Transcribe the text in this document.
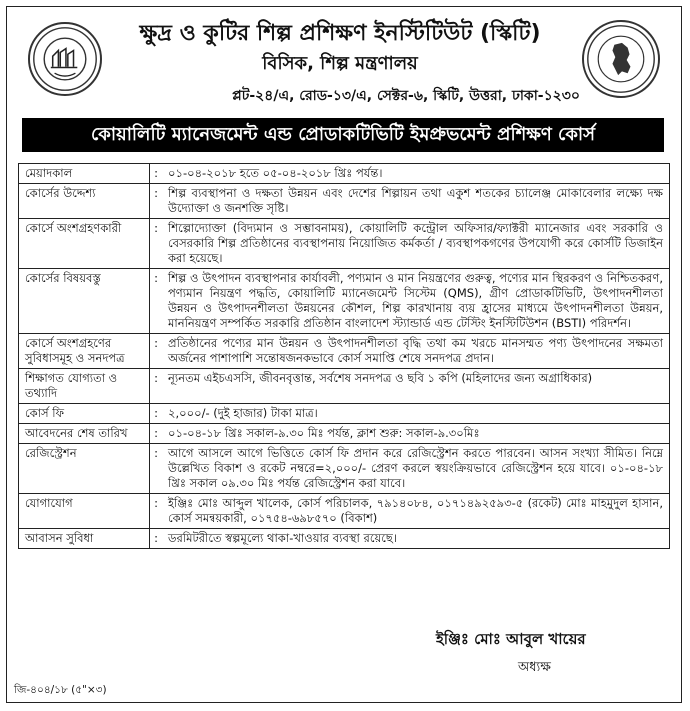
ক্ষুদ্র ও কুটির শিল্প প্রশিক্ষণ ইনস্টিটিউট (স্কিটি)
বিসিক, শিল্প মন্ত্রণালয়
প্লট-২৪/এ, রোড-১৩/এ, সেক্টর-৬, স্কিটি, উত্তরা, ঢাকা-১২৩০
কোয়ালিটি ম্যানেজমেন্ট এন্ড প্রোডাকটিভিটি ইমপ্রুভমেন্ট প্রশিক্ষণ কোর্স
মেয়াদকাল	:	০১-০৪-২০১৮ হতে ০৫-০৪-২০১৮ খ্রিঃ পর্যন্ত।
কোর্সের উদ্দেশ্য	:	শিল্প ব্যবস্থাপনা ও দক্ষতা উন্নয়ন এবং দেশের শিল্পায়ন তথা একুশ শতকের চ্যালেঞ্জ মোকাবেলার লক্ষ্যে দক্ষ উদ্যোক্তা ও জনশক্তি সৃষ্টি।
কোর্সে অংশগ্রহণকারী	:	শিল্পোদ্যোক্তা (বিদ্যমান ও সম্ভাবনাময়), কোয়ালিটি কন্ট্রোল অফিসার/ফ্যাক্টরী ম্যানেজার এবং সরকারি ও বেসরকারি শিল্প প্রতিষ্ঠানের ব্যবস্থাপনায় নিয়োজিত কর্মকর্তা / ব্যবস্থাপকগণের উপযোগী করে কোর্সটি ডিজাইন করা হয়েছে।
কোর্সের বিষয়বস্তু	:	শিল্প ও উৎপাদন ব্যবস্থাপনার কার্যাবলী, পণ্যমান ও মান নিয়ন্ত্রণের গুরুত্ব, পণ্যের মান স্থিরকরণ ও নিশ্চিতকরণ, পণ্যমান নিয়ন্ত্রণ পদ্ধতি, কোয়ালিটি ম্যানেজমেন্ট সিস্টেম (QMS), গ্রীণ প্রোডাকটিভিটি, উৎপাদনশীলতা উন্নয়ন ও উৎপাদনশীলতা উন্নয়নের কৌশল, শিল্প কারখানায় ব্যয় হ্রাসের মাধ্যমে উৎপাদনশীলতা উন্নয়ন, মাননিয়ন্ত্রণ সম্পর্কিত সরকারি প্রতিষ্ঠান বাংলাদেশ স্ট্যান্ডার্ড এন্ড টেস্টিং ইনস্টিটিউশন (BSTI) পরিদর্শন।
কোর্সে অংশগ্রহণের সুবিধাসমূহ ও সনদপত্র	:	প্রতিষ্ঠানের পণ্যের মান উন্নয়ন ও উৎপাদনশীলতা বৃদ্ধি তথা কম খরচে মানসম্মত পণ্য উৎপাদনের সক্ষমতা অর্জনের পাশাপাশি সন্তোষজনকভাবে কোর্স সমাপ্তি শেষে সনদপত্র প্রদান।
শিক্ষাগত যোগ্যতা ও তথ্যাদি	:	ন্যূনতম এইচএসসি, জীবনবৃত্তান্ত, সর্বশেষ সনদপত্র ও ছবি ১ কপি (মহিলাদের জন্য অগ্রাধিকার)
কোর্স ফি	:	২,০০০/- (দুই হাজার) টাকা মাত্র।
আবেদনের শেষ তারিখ	:	০১-০৪-১৮ খ্রিঃ সকাল-৯.৩০ মিঃ পর্যন্ত, ক্লাশ শুরু: সকাল-৯.৩০মিঃ
রেজিস্ট্রেশন	:	আগে আসলে আগে ভিত্তিতে কোর্স ফি প্রদান করে রেজিস্ট্রেশন করতে পারবেন। আসন সংখ্যা সীমিত। নিম্নে উল্লেখিত বিকাশ ও রকেট নম্বরে=২,০০০/- প্রেরণ করলে স্বয়ংক্রিয়ভাবে রেজিস্ট্রেশন হয়ে যাবে। ০১-০৪-১৮ খ্রিঃ সকাল ০৯.৩০ মিঃ পর্যন্ত রেজিস্ট্রেশন করা যাবে।
যোগাযোগ	:	ইঞ্জিঃ মোঃ আব্দুল খালেক, কোর্স পরিচালক, ৭৯১৪০৮৪, ০১৭১৪৯২৫৯৩-৫ (রকেট) মোঃ মাহমুদুল হাসান, কোর্স সমন্বয়কারী, ০১৭৫৪-৬৯৮৫৭০ (বিকাশ)
আবাসন সুবিধা	:	ডরমিটরীতে স্বল্পমূল্যে থাকা-খাওয়ার ব্যবস্থা রয়েছে।
ইঞ্জিঃ মোঃ আবুল খায়ের
অধ্যক্ষ
জি-৪০৪/১৮ (৫"×৩)
